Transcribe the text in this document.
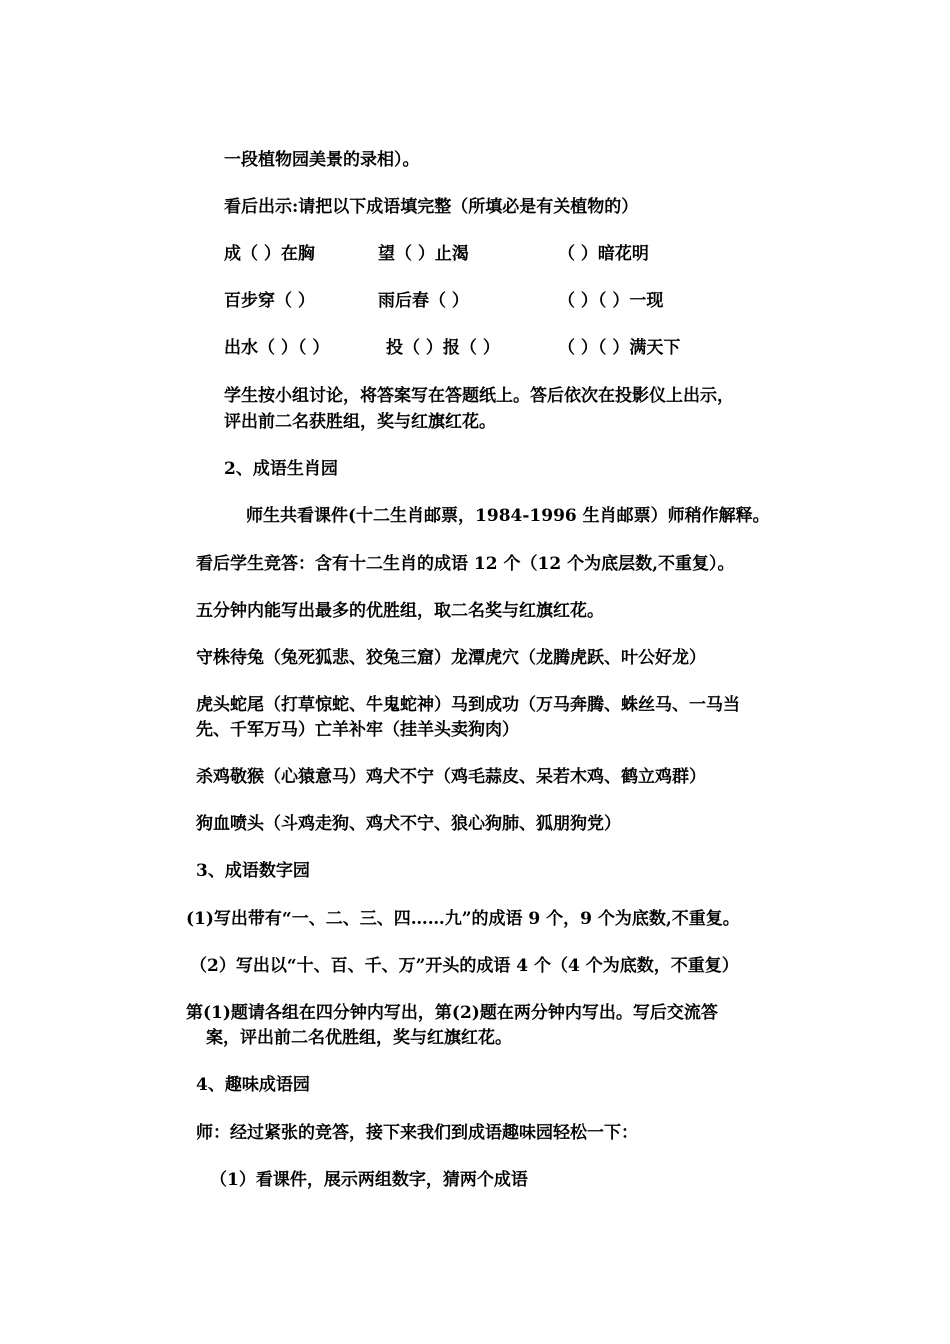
一段植物园美景的录相）。
看后出示:请把以下成语填完整（所填必是有关植物的）
成（ ）在胸	望（ ）止渴	（ ）暗花明
百步穿（ ）	雨后春（ ）	（ ）（ ）一现
出水（ ）（ ）	投（ ）报（ ）	（ ）（ ）满天下
学生按小组讨论，将答案写在答题纸上。答后依次在投影仪上出示，
评出前二名获胜组，奖与红旗红花。
2、成语生肖园
师生共看课件(十二生肖邮票，1984-1996 生肖邮票）师稍作解释。
看后学生竞答：含有十二生肖的成语 12 个（12 个为底层数,不重复）。
五分钟内能写出最多的优胜组，取二名奖与红旗红花。
守株待兔（兔死狐悲、狡兔三窟）龙潭虎穴（龙腾虎跃、叶公好龙）
虎头蛇尾（打草惊蛇、牛鬼蛇神）马到成功（万马奔腾、蛛丝马、一马当
先、千军万马）亡羊补牢（挂羊头卖狗肉）
杀鸡敬猴（心猿意马）鸡犬不宁（鸡毛蒜皮、呆若木鸡、鹤立鸡群）
狗血喷头（斗鸡走狗、鸡犬不宁、狼心狗肺、狐朋狗党）
3、成语数字园
(1)写出带有“一、二、三、四……九”的成语 9 个，9 个为底数,不重复。
（2）写出以“十、百、千、万”开头的成语 4 个（4 个为底数，不重复）
第(1)题请各组在四分钟内写出，第(2)题在两分钟内写出。写后交流答
案，评出前二名优胜组，奖与红旗红花。
4、趣味成语园
师：经过紧张的竞答，接下来我们到成语趣味园轻松一下：
（1）看课件，展示两组数字，猜两个成语
